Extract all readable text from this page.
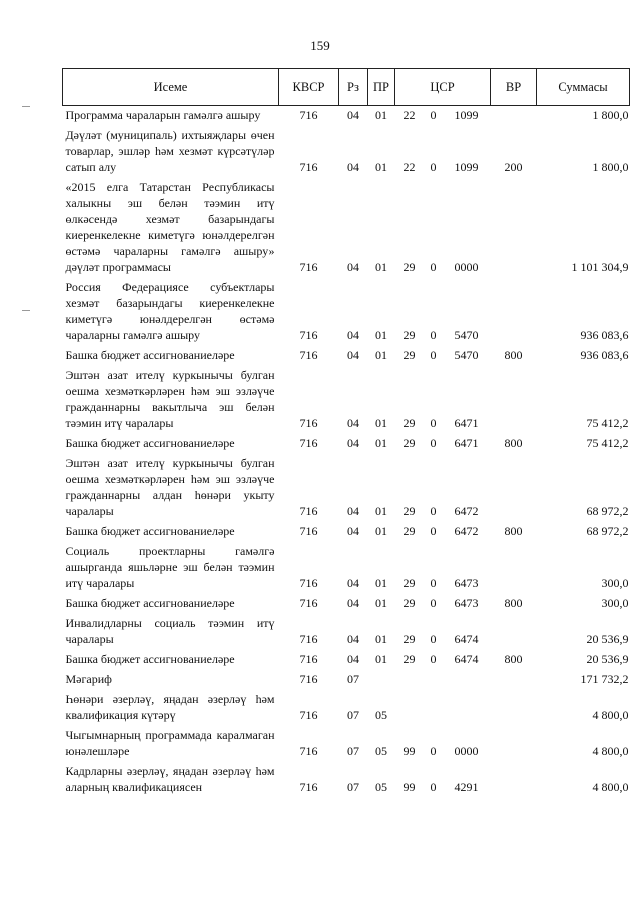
159
Исеме	КВСР	Рз	ПР	ЦСР			ВР	Суммасы
Программа чараларын гамәлгә ашыру	716	04	01	22	0	1099		1 800,0
Дәүләт (муниципаль) ихтыяҗлары өчен товарлар, эшләр һәм хезмәт күрсәтүләр сатып алу	716	04	01	22	0	1099	200	1 800,0
«2015 елга Татарстан Республикасы халыкны эш белән тәэмин итү өлкәсендә хезмәт базарындагы киеренкелекне киметүгә юнәлдерелгән өстәмә чараларны гамәлгә ашыру» дәүләт программасы	716	04	01	29	0	0000		1 101 304,9
Россия Федерациясе субъектлары хезмәт базарындагы киеренкелекне киметүгә юнәлдерелгән өстәмә чараларны гамәлгә ашыру	716	04	01	29	0	5470		936 083,6
Башка бюджет ассигнованиеләре	716	04	01	29	0	5470	800	936 083,6
Эштән азат ителү куркынычы булган оешма хезмәткәрләрен һәм эш эзләүче гражданнарны вакытлыча эш белән тәэмин итү чаралары	716	04	01	29	0	6471		75 412,2
Башка бюджет ассигнованиеләре	716	04	01	29	0	6471	800	75 412,2
Эштән азат ителү куркынычы булган оешма хезмәткәрләрен һәм эш эзләүче гражданнарны алдан һөнәри укыту чаралары	716	04	01	29	0	6472		68 972,2
Башка бюджет ассигнованиеләре	716	04	01	29	0	6472	800	68 972,2
Социаль проектларны гамәлгә ашырганда яшьләрне эш белән тәэмин итү чаралары	716	04	01	29	0	6473		300,0
Башка бюджет ассигнованиеләре	716	04	01	29	0	6473	800	300,0
Инвалидларны социаль тәэмин итү чаралары	716	04	01	29	0	6474		20 536,9
Башка бюджет ассигнованиеләре	716	04	01	29	0	6474	800	20 536,9
Мәгариф	716	07						171 732,2
Һөнәри әзерләү, яңадан әзерләү һәм квалификация күтәрү	716	07	05					4 800,0
Чыгымнарның программада каралмаган юнәлешләре	716	07	05	99	0	0000		4 800,0
Кадрларны әзерләү, яңадан әзерләү һәм аларның квалификациясен	716	07	05	99	0	4291		4 800,0
